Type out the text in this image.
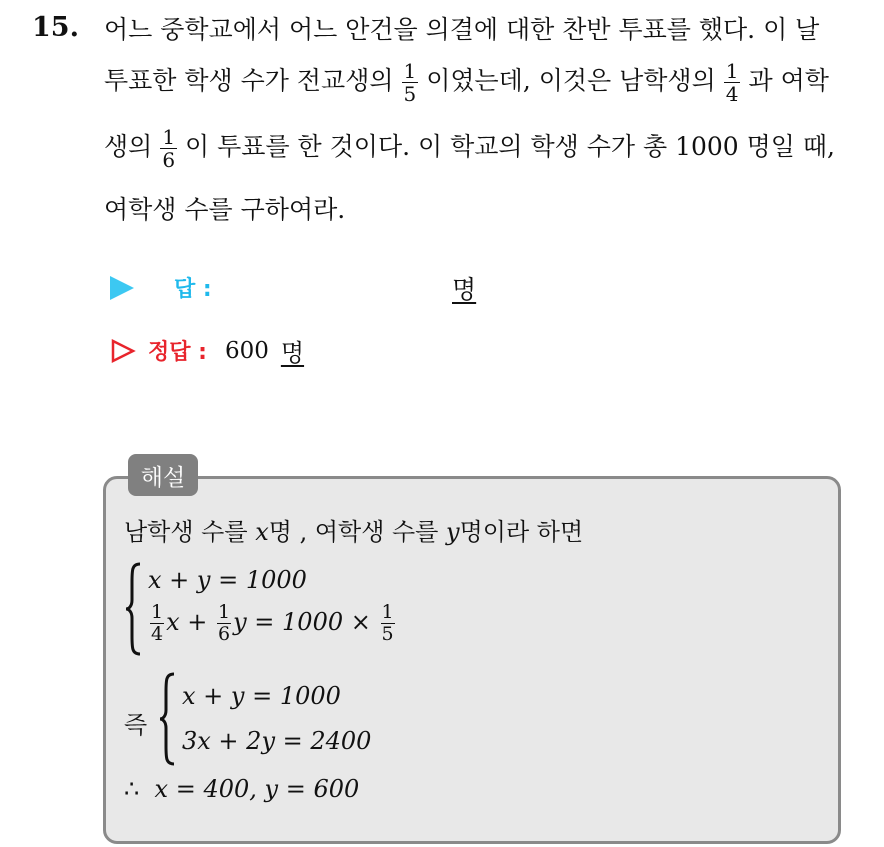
15. 어느 중학교에서 어느 안건을 의결에 대한 찬반 투표를 했다. 이 날
투표한 학생 수가 전교생의 $\frac{1}{5}$ 이였는데, 이것은 남학생의 $\frac{1}{4}$ 과 여학
생의 $\frac{1}{6}$ 이 투표를 한 것이다. 이 학교의 학생 수가 총 1000 명일 때,
여학생 수를 구하여라.
답 :	명
정답 : 600 명
해설
남학생 수를 x명 , 여학생 수를 y명이라 하면
x + y = 1000
$\frac{1}{4}$ $x + \frac{1}{6}$ $y = 1000 \times \frac{1}{5}$
즉
x + y = 1000
3x + 2y = 2400
∴ x = 400, y = 600
